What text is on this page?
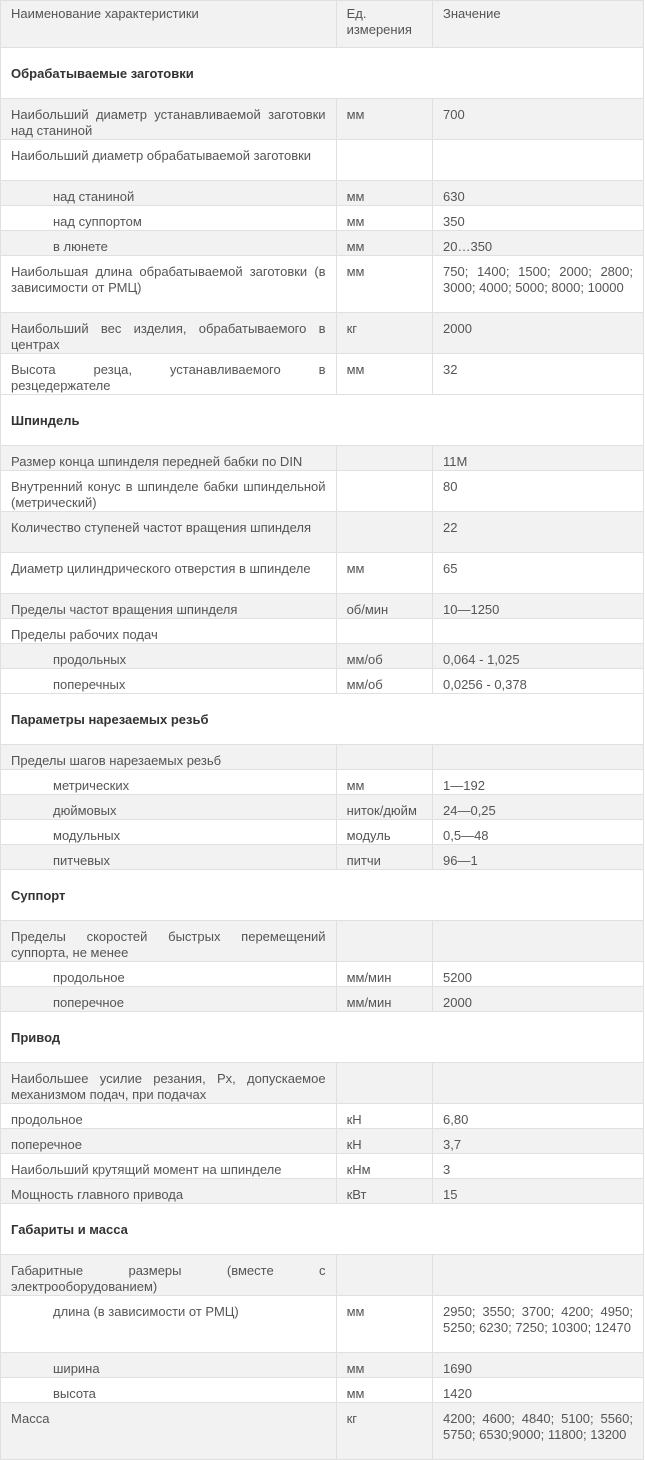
Наименование характеристики	Ед. измерения	Значение
Обрабатываемые заготовки		
Наибольший диаметр устанавливаемой заготовки над станиной	мм	700
Наибольший диаметр обрабатываемой заготовки		
над станиной	мм	630
над суппортом	мм	350
в люнете	мм	20…350
Наибольшая длина обрабатываемой заготовки (в зависимости от РМЦ)	мм	750; 1400; 1500; 2000; 2800; 3000; 4000; 5000; 8000; 10000
Наибольший вес изделия, обрабатываемого в центрах	кг	2000
Высота резца, устанавливаемого в резцедержателе	мм	32
Шпиндель		
Размер конца шпинделя передней бабки по DIN		11M
Внутренний конус в шпинделе бабки шпиндельной (метрический)		80
Количество ступеней частот вращения шпинделя		22
Диаметр цилиндрического отверстия в шпинделе	мм	65
Пределы частот вращения шпинделя	об/мин	10—1250
Пределы рабочих подач		
продольных	мм/об	0,064 - 1,025
поперечных	мм/об	0,0256 - 0,378
Параметры нарезаемых резьб		
Пределы шагов нарезаемых резьб		
метрических	мм	1—192
дюймовых	ниток/дюйм	24—0,25
модульных	модуль	0,5—48
питчевых	питчи	96—1
Суппорт		
Пределы скоростей быстрых перемещений суппорта, не менее		
продольное	мм/мин	5200
поперечное	мм/мин	2000
Привод		
Наибольшее усилие резания, Рх, допускаемое механизмом подач, при подачах		
продольное	кН	6,80
поперечное	кН	3,7
Наибольший крутящий момент на шпинделе	кНм	3
Мощность главного привода	кВт	15
Габариты и масса		
Габаритные размеры (вместе с электрооборудованием)		
длина (в зависимости от РМЦ)	мм	2950; 3550; 3700; 4200; 4950; 5250; 6230; 7250; 10300; 12470
ширина	мм	1690
высота	мм	1420
Масса	кг	4200; 4600; 4840; 5100; 5560; 5750; 6530;9000; 11800; 13200
